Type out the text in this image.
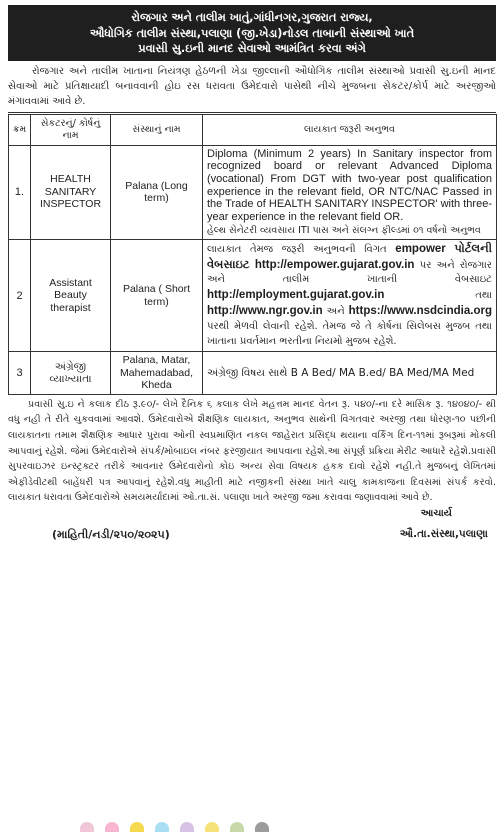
રોજગાર અને તાલીમ ખાતું,ગાંધીનગર,ગુજરાત રાજ્ય,
ઔધોગિક તાલીમ સંસ્થા,પલાણા (જી.ખેડા)નોડલ તાબાની સંસ્થાઓ ખાતે
પ્રવાસી સુ.ઇની માનદ સેવાઓ આમંત્રિત કરવા અંગે
રોજગાર અને તાલીમ ખાતાના નિયંત્રણ હેઠળની ખેડા જીલ્લાની ઔધોગિક તાલીમ સંસ્થાઓ પ્રવાસી સુ.ઇની માનદ સેવાઓ માટે પ્રતિક્ષાયાદી બનાવવાની હોઇ રસ ધરાવતા ઉમેદવારો પાસેથી નીચે મુજબના સેકટર/કોર્પ માટે અરજીઓ મંગાવવામાં આવે છે.
ક્રમ	સેકટરનું/ કોર્ષનું નામ	સંસ્થાનું નામ	લાયકાત જરૂરી અનુભવ
1.	HEALTH SANITARY INSPECTOR	Palana (Long term)	Diploma (Minimum 2 years) In Sanitary inspector from recognized board or relevant Advanced Diploma (vocational) From DGT with two-year post qualification experience in the relevant field, OR NTC/NAC Passed in the Trade of HEALTH SANITARY INSPECTOR' with three-year experience in the relevant field OR.
હેલ્થ સેનેટરી વ્યવસાય ITI પાસ અને સંલગ્ન ફીલ્ડમાં ૦૧ વર્ષનો અનુભવ

2	Assistant Beauty therapist	Palana ( Short term)	લાયકાત તેમજ જરૂરી અનુભવની વિગત empower પોર્ટલની વેબસાઇટ http://empower.gujarat.gov.in પર અને રોજગાર અને તાલીમ ખાતાની વેબસાઇટ http://employment.gujarat.gov.in તથા http://www.ngr.gov.in અને https://www.nsdcindia.org પરથી મેળવી લેવાની રહેશે. તેમજ જે તે કોર્ષના સિલેબસ મુજબ તથા ખાતાના પ્રવર્તમાન ભરતીના નિયમો મુજબ રહેશે.

3	અંગ્રેજી વ્યાખ્યાતા	Palana, Matar, Mahemadabad, Kheda	અંગ્રેજી વિષય સાથે B A Bed/ MA B.ed/ BA Med/MA Med
પ્રવાસી સુ.ઇ ને કલાક દીઠ રૂ.૯૦/- લેખે દૈનિક ૬ કલાક લેખે મહત્તમ માનદ વેતન રૂ. ૫૪૦/-ના દરે માસિક રૂ. ૧૪૦૪૦/- થી વધુ નહી તે રીતે ચુકવવામાં આવશે. ઉમેદવારોએ શૈક્ષણિક લાયકાત, અનુભવ સાથેની વિગતવાર અરજી તથા ધોરણ-૧૦ પછીની લાયકાતના તમામ શૈક્ષણિક આધાર પુરાવા ઓની સ્વપ્રમાણિત નકલ જાહેરાત પ્રસિદ્ધ થયાના વર્કિંગ દિન-૧૧માં રૂબરૂમાં મોકલી આપવાનું રહેશે. જેમાં ઉમેદવારોએ સંપર્ક/મોબાઇલ નંબર ફરજીયાત આપવાના રહેશે.આ સંપૂર્ણ પ્રક્રિયા મેરીટ આધારે રહેશે.પ્રવાસી સુપરવાઇઝર ઇન્સ્ટ્રક્ટર તરીકે આવનાર ઉમેદવારોનો કોઇ અન્ય સેવા વિષયક હકક દાવો રહેશે નહી.તે મુજબનું લેખિતમાં એફીડેવીટથી બાહેંધરી પત્ર આપવાનું રહેશે.વધુ માહીતી માટે નજીકની સંસ્થા ખાતે ચાલુ કામકાજના દિવસમાં સંપર્ક કરવો. લાયકાત ધરાવતા ઉમેદવારોએ સમયમર્યાદામાં ઓ.તા.સં. પલાણા ખાતે અરજી જમા કરાવવા જણાવવામાં આવે છે.
આચાર્ય
(માહિતી/નડી/૨૫૦/૨૦૨૫)	ઔ.તા.સંસ્થા,પલાણા
